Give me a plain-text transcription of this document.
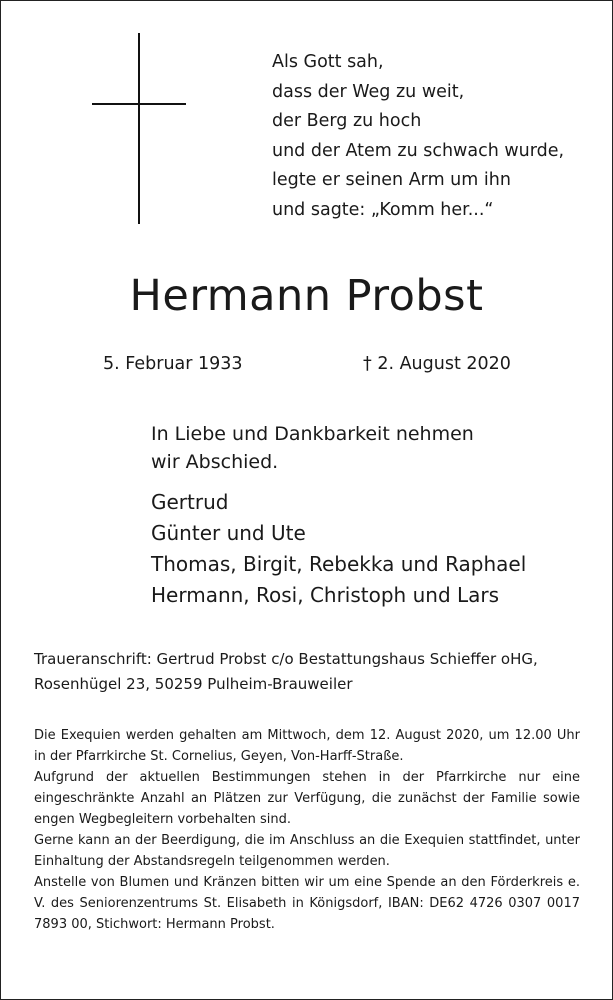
Als Gott sah,
dass der Weg zu weit,
der Berg zu hoch
und der Atem zu schwach wurde,
legte er seinen Arm um ihn
und sagte: „Komm her...“
Hermann Probst
5. Februar 1933	† 2. August 2020
In Liebe und Dankbarkeit nehmen
wir Abschied.
Gertrud
Günter und Ute
Thomas, Birgit, Rebekka und Raphael
Hermann, Rosi, Christoph und Lars
Traueranschrift: Gertrud Probst c/o Bestattungshaus Schieffer oHG,
Rosenhügel 23, 50259 Pulheim-Brauweiler

Die Exequien werden gehalten am Mittwoch, dem 12. August 2020, um 12.00 Uhr in der Pfarrkirche St. Cornelius, Geyen, Von-Harff-Straße.

Aufgrund der aktuellen Bestimmungen stehen in der Pfarrkirche nur eine eingeschränkte Anzahl an Plätzen zur Verfügung, die zunächst der Familie sowie engen Wegbegleitern vorbehalten sind.

Gerne kann an der Beerdigung, die im Anschluss an die Exequien stattfindet, unter Einhaltung der Abstandsregeln teilgenommen werden.

Anstelle von Blumen und Kränzen bitten wir um eine Spende an den Förderkreis e. V. des Seniorenzentrums St. Elisabeth in Königsdorf, IBAN: DE62 4726 0307 0017 7893 00, Stichwort: Hermann Probst.
